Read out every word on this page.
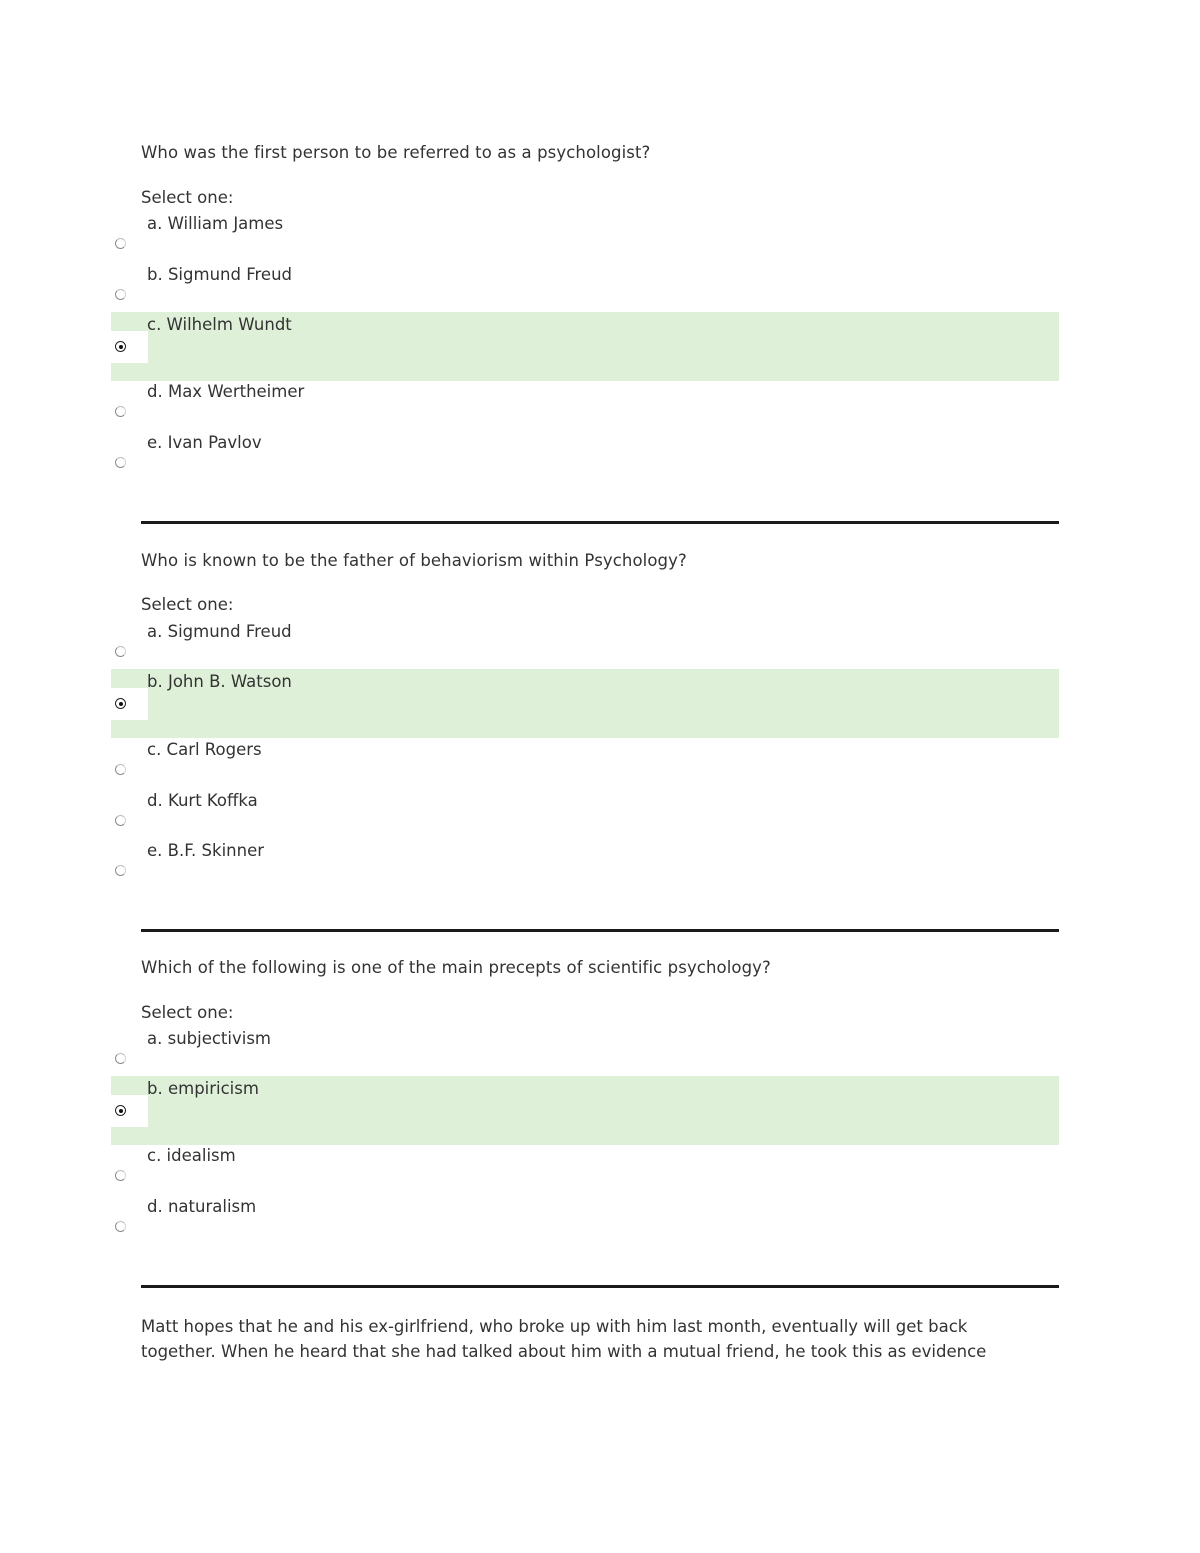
Who was the first person to be referred to as a psychologist?
Select one:
a. William James
b. Sigmund Freud
c. Wilhelm Wundt
d. Max Wertheimer
e. Ivan Pavlov
Who is known to be the father of behaviorism within Psychology?
Select one:
a. Sigmund Freud
b. John B. Watson
c. Carl Rogers
d. Kurt Koffka
e. B.F. Skinner
Which of the following is one of the main precepts of scientific psychology?
Select one:
a. subjectivism
b. empiricism
c. idealism
d. naturalism
Matt hopes that he and his ex-girlfriend, who broke up with him last month, eventually will get back
together. When he heard that she had talked about him with a mutual friend, he took this as evidence
